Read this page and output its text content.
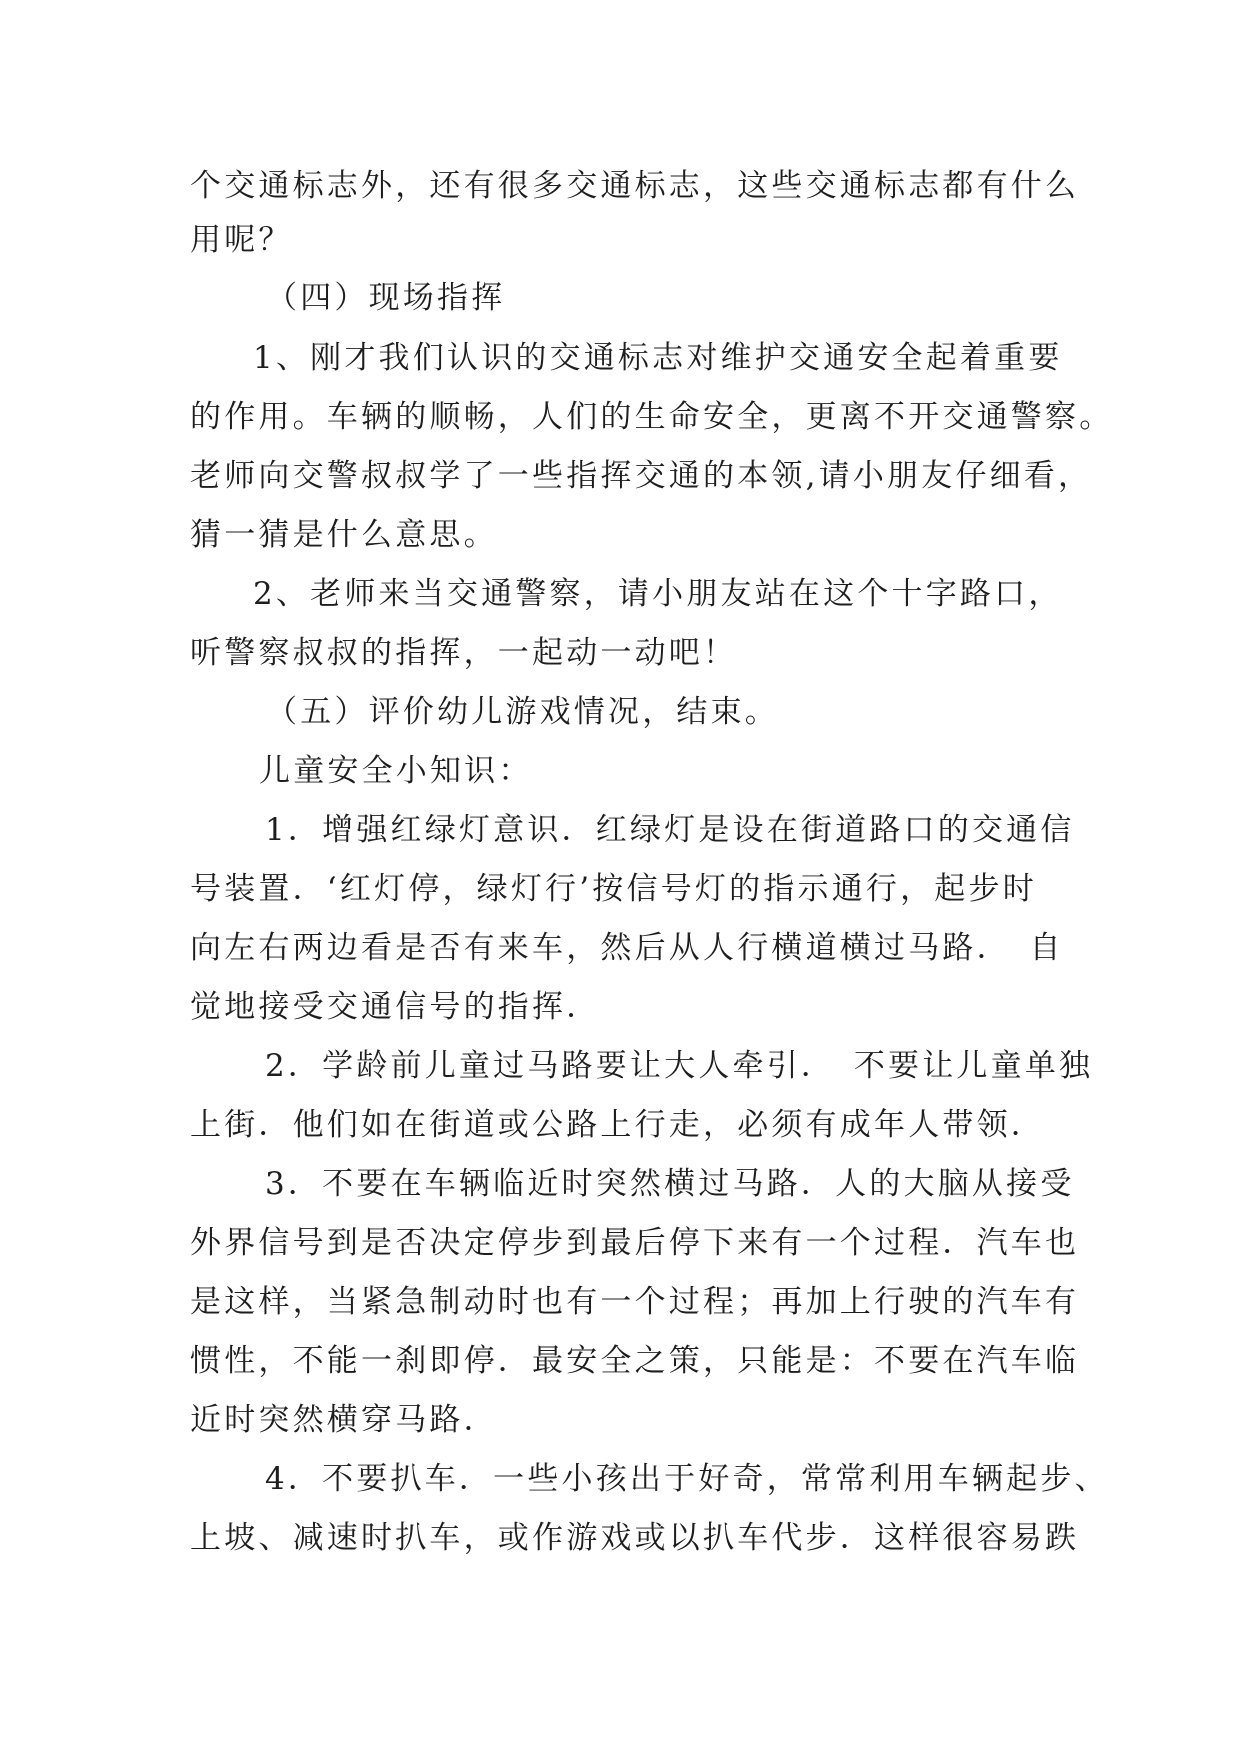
个交通标志外，还有很多交通标志，这些交通标志都有什么
用呢？
（四）现场指挥
1、刚才我们认识的交通标志对维护交通安全起着重要
的作用。车辆的顺畅，人们的生命安全，更离不开交通警察。
老师向交警叔叔学了一些指挥交通的本领,请小朋友仔细看，
猜一猜是什么意思。
2、老师来当交通警察，请小朋友站在这个十字路口，
听警察叔叔的指挥，一起动一动吧！
（五）评价幼儿游戏情况，结束。
儿童安全小知识：
1．增强红绿灯意识．红绿灯是设在街道路口的交通信
号装置．‘红灯停，绿灯行’按信号灯的指示通行，起步时
向左右两边看是否有来车，然后从人行横道横过马路．　自
觉地接受交通信号的指挥．
2．学龄前儿童过马路要让大人牵引．　不要让儿童单独
上街．他们如在街道或公路上行走，必须有成年人带领．
3．不要在车辆临近时突然横过马路．人的大脑从接受
外界信号到是否决定停步到最后停下来有一个过程．汽车也
是这样，当紧急制动时也有一个过程；再加上行驶的汽车有
惯性，不能一刹即停．最安全之策，只能是：不要在汽车临
近时突然横穿马路．
4．不要扒车．一些小孩出于好奇，常常利用车辆起步、
上坡、减速时扒车，或作游戏或以扒车代步．这样很容易跌
